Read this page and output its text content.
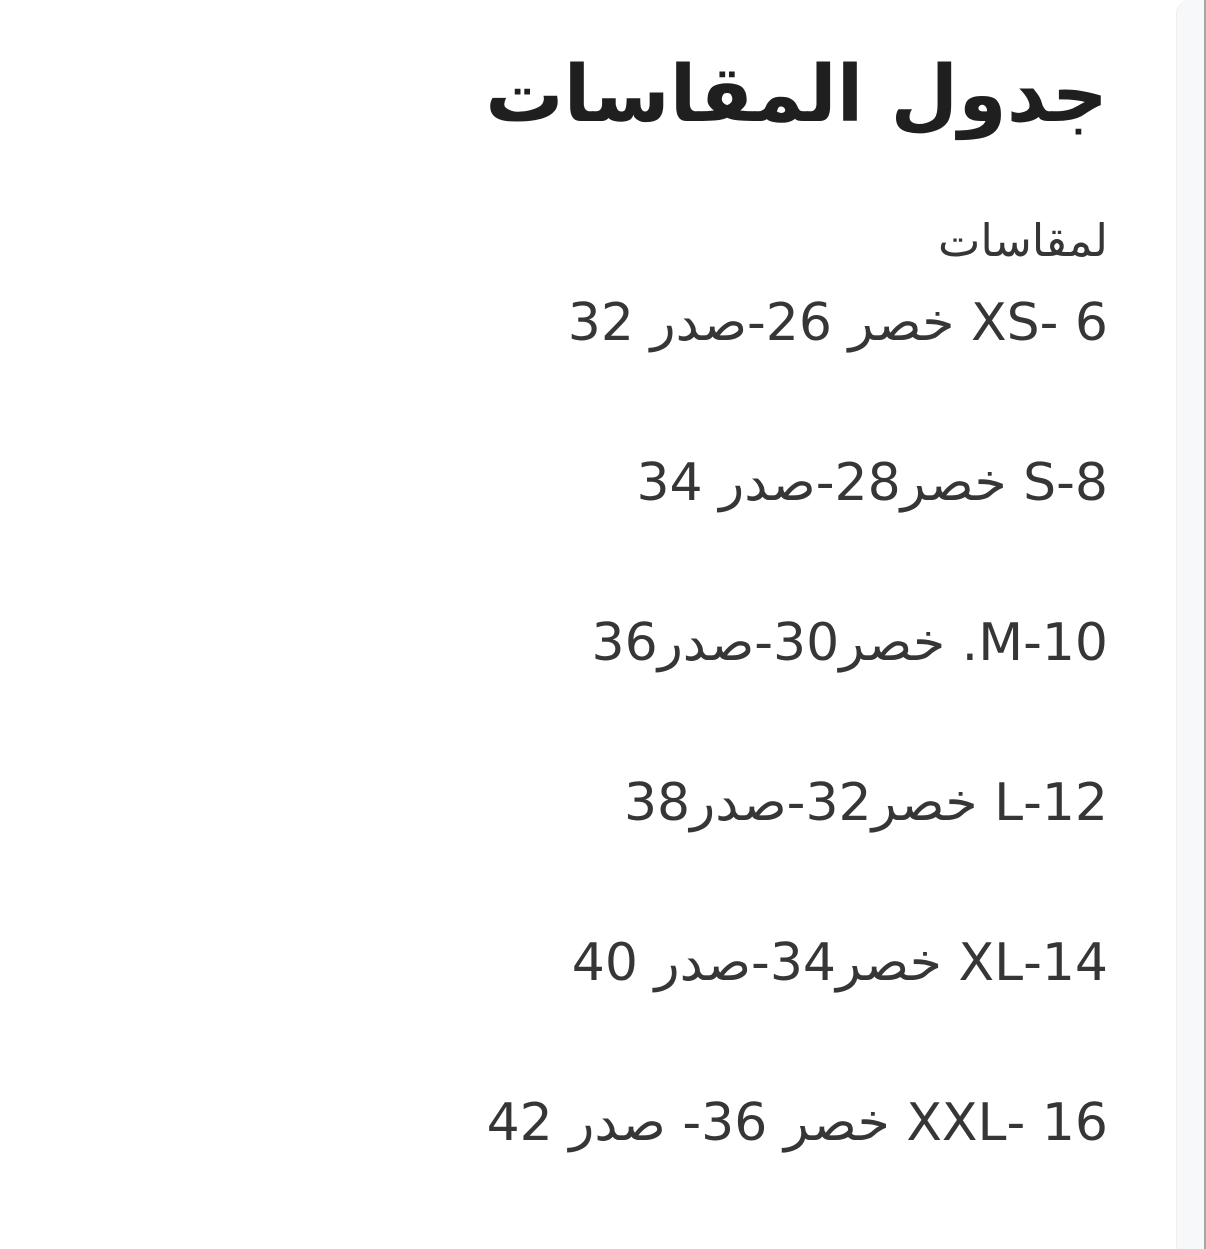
جدول المقاسات

لمقاسات

6 -XS خصر 26-صدر 32

8-S خصر28-صدر 34

10-M. خصر30-صدر36

12-L خصر32-صدر38

14-XL خصر34-صدر 40

16 -XXL خصر 36- صدر 42
